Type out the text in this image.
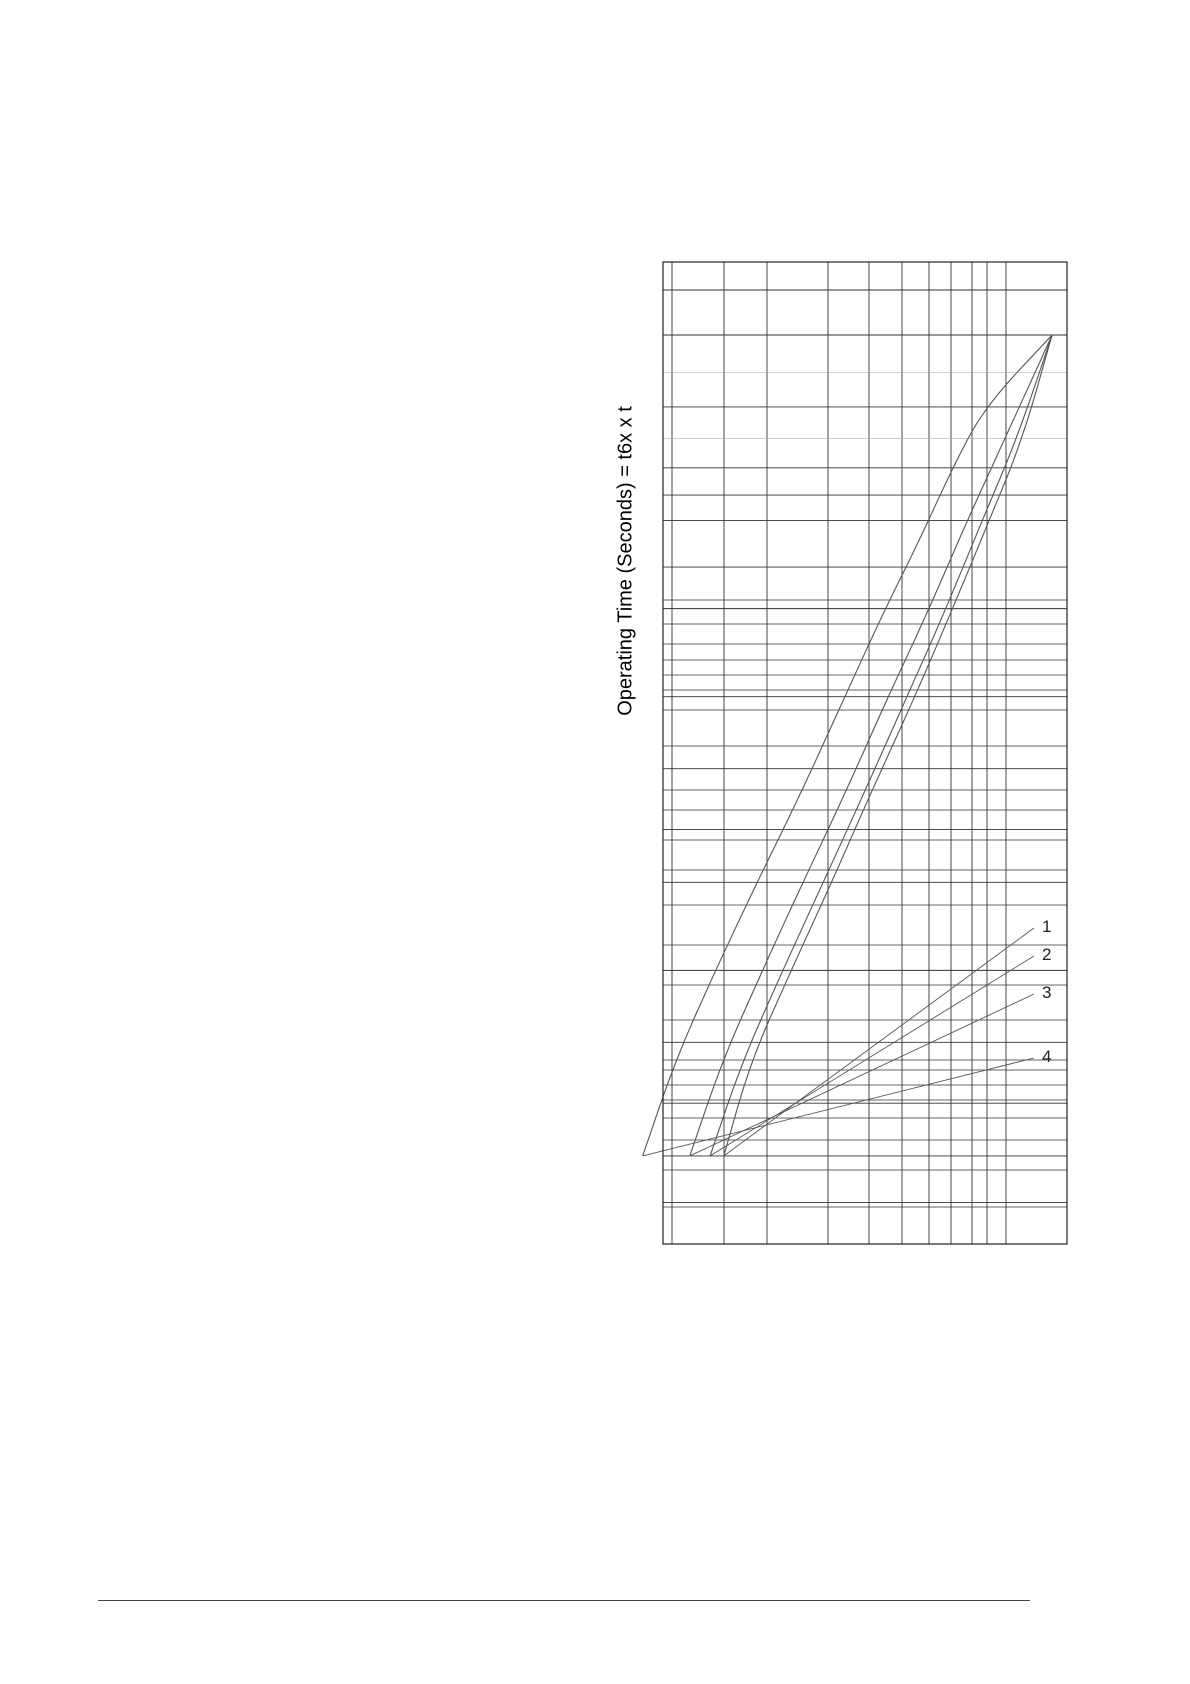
1
2
3
4
Operating Time (Seconds) = t6x x t
